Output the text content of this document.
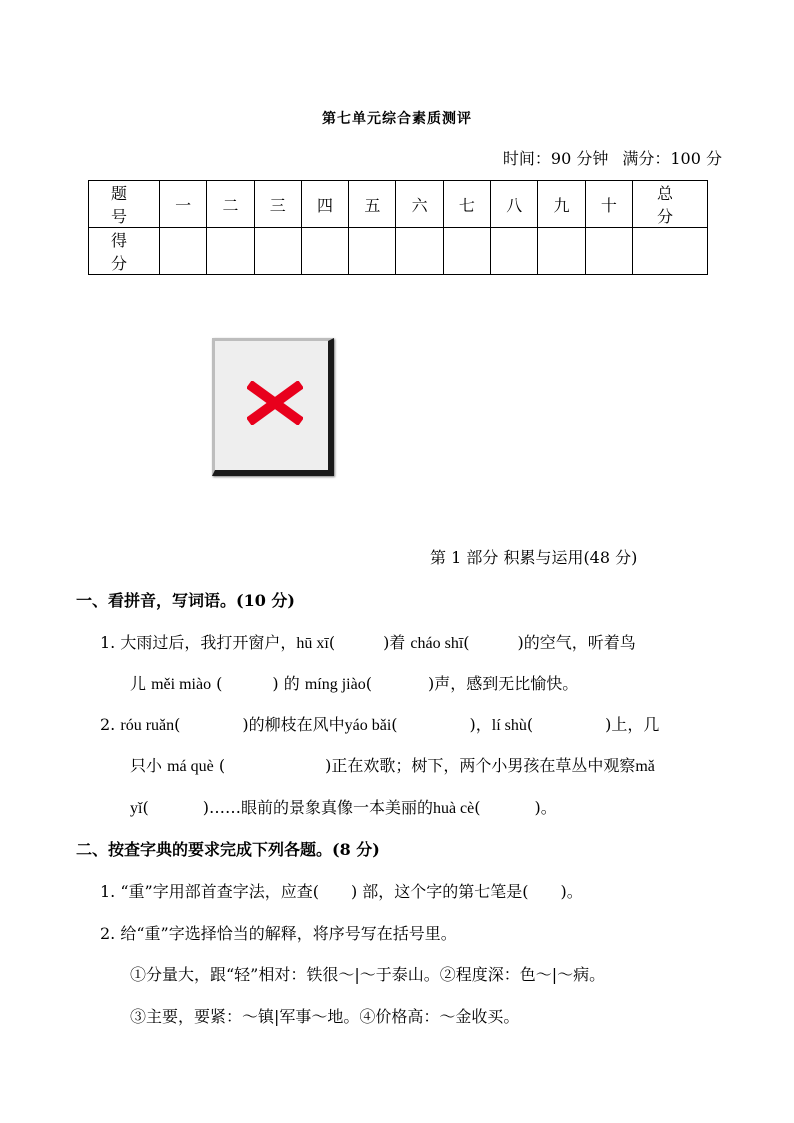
第七单元综合素质测评
时间：90 分钟 满分：100 分
题　号	一	二	三	四	五	六	七	八	九	十	总　分
得　分											
第 1 部分 积累与运用(48 分)
一、看拼音，写词语。(10 分)
1. 大雨过后，我打开窗户，hū xī(	)着 cháo shī(	)的空气，听着鸟
儿 měi miào (	) 的 míng jiào(	)声，感到无比愉快。
2. róu ruǎn(	)的柳枝在风中yáo bǎi(	)，lí shù(	)上，几
只小 má què (	)正在欢歌；树下，两个小男孩在草丛中观察mǎ
yǐ(	)……眼前的景象真像一本美丽的huà cè(	)。
二、按查字典的要求完成下列各题。(8 分)
1. “重”字用部首查字法，应查(　　) 部，这个字的第七笔是(　　)。
2. 给“重”字选择恰当的解释，将序号写在括号里。
①分量大，跟“轻”相对：铁很～|～于泰山。②程度深：色～|～病。
③主要，要紧：～镇|军事～地。④价格高：～金收买。
